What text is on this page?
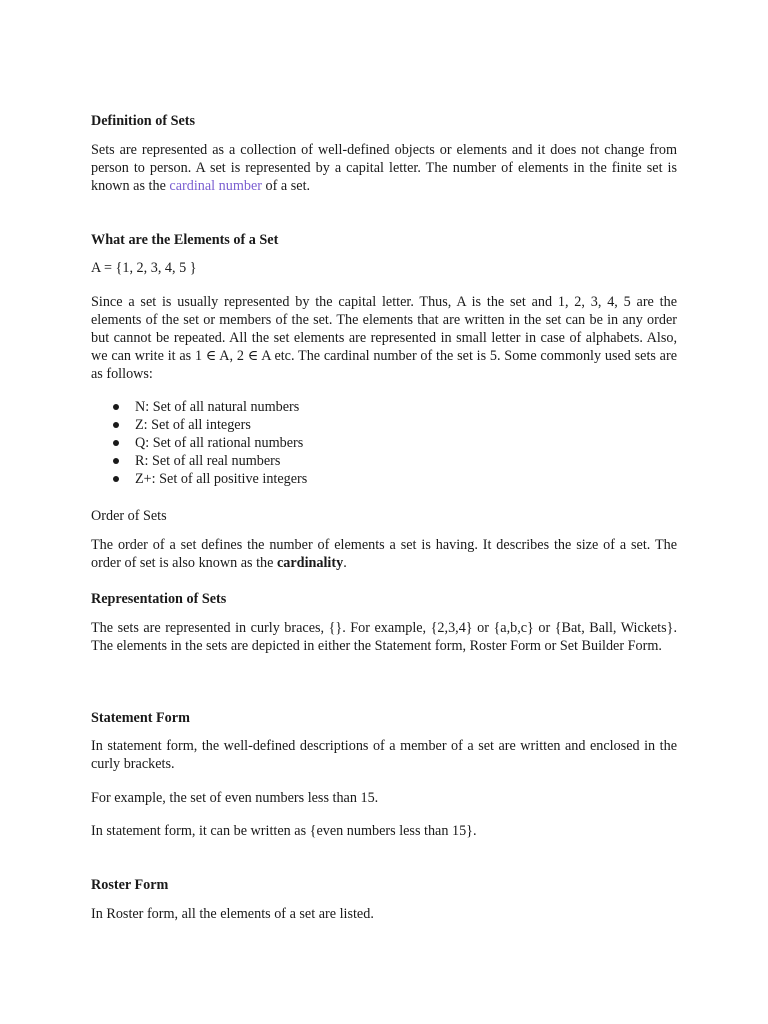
Definition of Sets
Sets are represented as a collection of well-defined objects or elements and it does not change from person to person. A set is represented by a capital letter. The number of elements in the finite set is known as the cardinal number of a set.
What are the Elements of a Set
A = {1, 2, 3, 4, 5 }
Since a set is usually represented by the capital letter. Thus, A is the set and 1, 2, 3, 4, 5 are the elements of the set or members of the set. The elements that are written in the set can be in any order but cannot be repeated. All the set elements are represented in small letter in case of alphabets. Also, we can write it as 1 ∈ A, 2 ∈ A etc. The cardinal number of the set is 5. Some commonly used sets are as follows:
N: Set of all natural numbers
Z: Set of all integers
Q: Set of all rational numbers
R: Set of all real numbers
Z+: Set of all positive integers
Order of Sets
The order of a set defines the number of elements a set is having. It describes the size of a set. The order of set is also known as the cardinality.
Representation of Sets
The sets are represented in curly braces, {}. For example, {2,3,4} or {a,b,c} or {Bat, Ball, Wickets}. The elements in the sets are depicted in either the Statement form, Roster Form or Set Builder Form.
Statement Form
In statement form, the well-defined descriptions of a member of a set are written and enclosed in the curly brackets.
For example, the set of even numbers less than 15.
In statement form, it can be written as {even numbers less than 15}.
Roster Form
In Roster form, all the elements of a set are listed.
